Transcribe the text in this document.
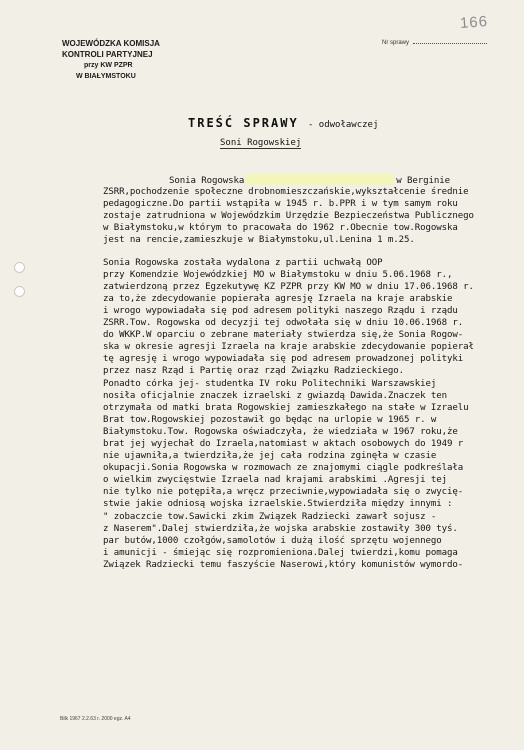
166
WOJEWÓDZKA KOMISJA
KONTROLI PARTYJNEJ
przy KW PZPR
W BIAŁYMSTOKU
Nr sprawy
TREŚĆ SPRAWY - odwoławczej
Soni Rogowskiej
Sonia Rogowska	w Berginie
ZSRR,pochodzenie społeczne drobnomieszczańskie,wykształcenie średnie
pedagogiczne.Do partii wstąpiła w 1945 r. b.PPR i w tym samym roku
zostaje zatrudniona w Wojewódzkim Urzędzie Bezpieczeństwa Publicznego
w Białymstoku,w którym to pracowała do 1962 r.Obecnie tow.Rogowska
jest na rencie,zamieszkuje w Białymstoku,ul.Lenina 1 m.25.
Sonia Rogowska została wydalona z partii uchwałą OOP
przy Komendzie Wojewódzkiej MO w Białymstoku w dniu 5.06.1968 r.,
zatwierdzoną przez Egzekutywę KZ PZPR przy KW MO w dniu 17.06.1968 r.
za to,że zdecydowanie popierała agresję Izraela na kraje arabskie
i wrogo wypowiadała się pod adresem polityki naszego Rządu i rządu
ZSRR.Tow. Rogowska od decyzji tej odwołała się w dniu 10.06.1968 r.
do WKKP.W oparciu o zebrane materiały stwierdza się,że Sonia Rogow-
ska w okresie agresji Izraela na kraje arabskie zdecydowanie popierał
tę agresję i wrogo wypowiadała się pod adresem prowadzonej polityki
przez nasz Rząd i Partię oraz rząd Związku Radzieckiego.
Ponadto córka jej- studentka IV roku Politechniki Warszawskiej
nosiła oficjalnie znaczek izraelski z gwiazdą Dawida.Znaczek ten
otrzymała od matki brata Rogowskiej zamieszkałego na stałe w Izraelu
Brat tow.Rogowskiej pozostawił go będąc na urlopie w 1965 r. w
Białymstoku.Tow. Rogowska oświadczyła, że wiedziała w 1967 roku,że
brat jej wyjechał do Izraela,natomiast w aktach osobowych do 1949 r
nie ujawniła,a twierdziła,że jej cała rodzina zginęła w czasie
okupacji.Sonia Rogowska w rozmowach ze znajomymi ciągle podkreślała
o wielkim zwycięstwie Izraela nad krajami arabskimi .Agresji tej
nie tylko nie potępiła,a wręcz przeciwnie,wypowiadała się o zwycię-
stwie jakie odniosą wojska izraelskie.Stwierdziła między innymi :
" zobaczcie tow.Sawicki zkim Związek Radziecki zawarł sojusz -
z Naserem".Dalej stwierdziła,że wojska arabskie zostawiły 300 tyś.
par butów,1000 czołgów,samolotów i dużą ilość sprzętu wojennego
i amunicji - śmiejąc się rozpromieniona.Dalej twierdzi,komu pomaga
Związek Radziecki temu faszyście Naserowi,który komunistów wymordo-
Bilk 1967 2.2.63 r. 2000 egz. A4
